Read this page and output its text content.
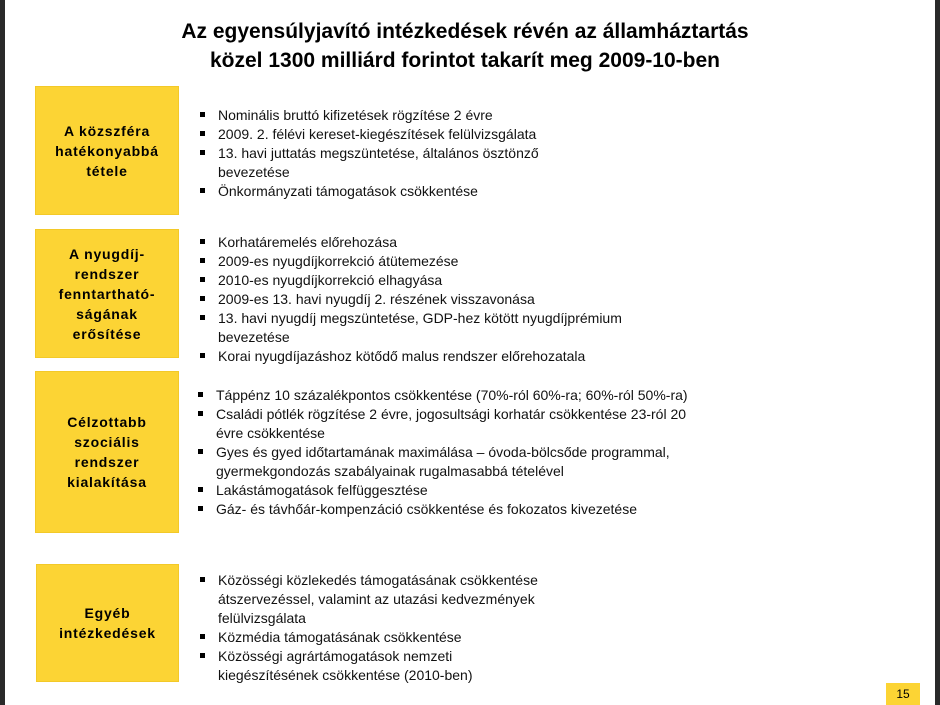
Az egyensúlyjavító intézkedések révén az államháztartás
közel 1300 milliárd forintot takarít meg 2009-10-ben
A közszféra
hatékonyabbá
tétele
Nominális bruttó kifizetések rögzítése 2 évre
2009. 2. félévi kereset-kiegészítések felülvizsgálata
13. havi juttatás megszüntetése, általános ösztönző
bevezetése
Önkormányzati támogatások csökkentése
A nyugdíj-
rendszer
fenntartható-
ságának
erősítése
Korhatáremelés előrehozása
2009-es nyugdíjkorrekció átütemezése
2010-es nyugdíjkorrekció elhagyása
2009-es 13. havi nyugdíj 2. részének visszavonása
13. havi nyugdíj megszüntetése, GDP-hez kötött nyugdíjprémium
bevezetése
Korai nyugdíjazáshoz kötődő malus rendszer előrehozatala
Célzottabb
szociális
rendszer
kialakítása
Táppénz 10 százalékpontos csökkentése (70%-ról 60%-ra; 60%-ról 50%-ra)
Családi pótlék rögzítése 2 évre, jogosultsági korhatár csökkentése 23-ról 20
évre csökkentése
Gyes és gyed időtartamának maximálása – óvoda-bölcsőde programmal,
gyermekgondozás szabályainak rugalmasabbá tételével
Lakástámogatások felfüggesztése
Gáz- és távhőár-kompenzáció csökkentése és fokozatos kivezetése
Egyéb
intézkedések
Közösségi közlekedés támogatásának csökkentése
átszervezéssel, valamint az utazási kedvezmények
felülvizsgálata
Közmédia támogatásának csökkentése
Közösségi agrártámogatások nemzeti
kiegészítésének csökkentése (2010-ben)
15
